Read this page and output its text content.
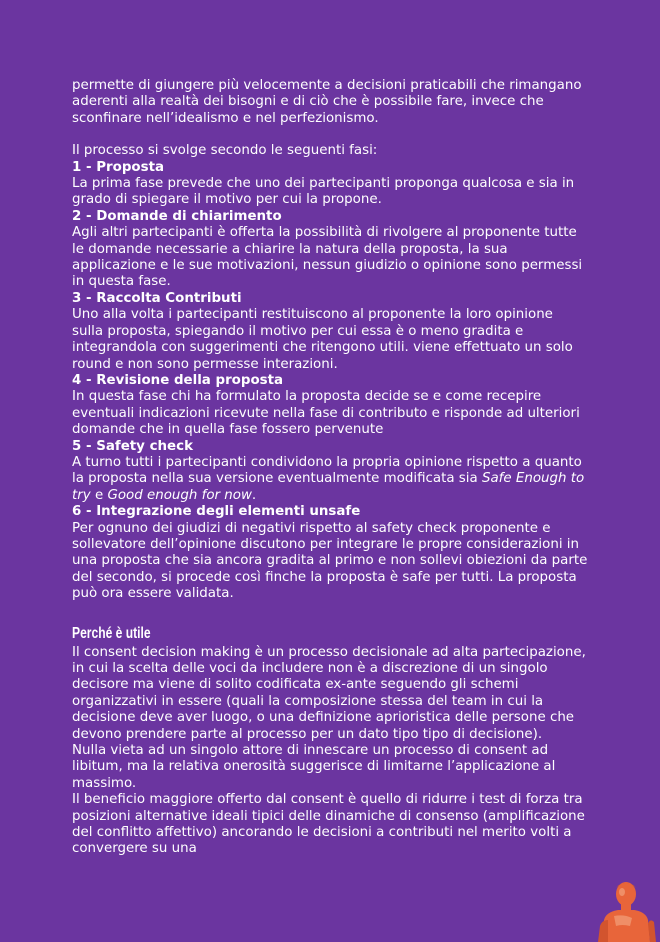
permette di giungere più velocemente a decisioni praticabili che rimangano aderenti alla realtà dei bisogni e di ciò che è possibile fare, invece che sconfinare nell’idealismo e nel perfezionismo.

Il processo si svolge secondo le seguenti fasi:

1 - Proposta

La prima fase prevede che uno dei partecipanti proponga qualcosa e sia in grado di spiegare il motivo per cui la propone.

2 - Domande di chiarimento

Agli altri partecipanti è offerta la possibilità di rivolgere al proponente tutte le domande necessarie a chiarire la natura della proposta, la sua applicazione e le sue motivazioni, nessun giudizio o opinione sono permessi in questa fase.

3 - Raccolta Contributi

Uno alla volta i partecipanti restituiscono al proponente la loro opinione sulla proposta, spiegando il motivo per cui essa è o meno gradita e integrandola con suggerimenti che ritengono utili. viene effettuato un solo round e non sono permesse interazioni.

4 - Revisione della proposta

In questa fase chi ha formulato la proposta decide se e come recepire eventuali indicazioni ricevute nella fase di contributo e risponde ad ulteriori domande che in quella fase fossero pervenute

5 - Safety check

A turno tutti i partecipanti condividono la propria opinione rispetto a quanto la proposta nella sua versione eventualmente modificata sia Safe Enough to try e Good enough for now.

6 - Integrazione degli elementi unsafe

Per ognuno dei giudizi di negativi rispetto al safety check proponente e sollevatore dell’opinione discutono per integrare le propre considerazioni in una proposta che sia ancora gradita al primo e non sollevi obiezioni da parte del secondo, si procede così finche la proposta è safe per tutti. La proposta può ora essere validata.

Perché è utile

Il consent decision making è un processo decisionale ad alta partecipazione, in cui la scelta delle voci da includere non è a discrezione di un singolo decisore ma viene di solito codificata ex-ante seguendo gli schemi organizzativi in essere (quali la composizione stessa del team in cui la decisione deve aver luogo, o una definizione aprioristica delle persone che devono prendere parte al processo per un dato tipo tipo di decisione).

Nulla vieta ad un singolo attore di innescare un processo di consent ad libitum, ma la relativa onerosità suggerisce di limitarne l’applicazione al massimo.

Il beneficio maggiore offerto dal consent è quello di ridurre i test di forza tra posizioni alternative ideali tipici delle dinamiche di consenso (amplificazione del conflitto affettivo) ancorando le decisioni a contributi nel merito volti a convergere su una
